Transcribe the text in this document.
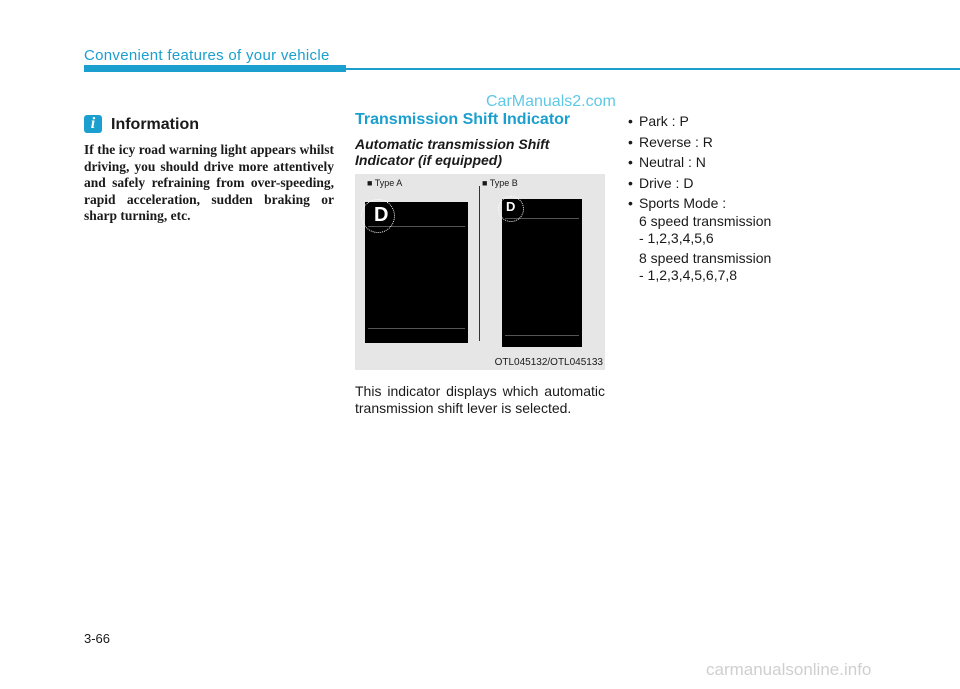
Convenient features of your vehicle
CarManuals2.com
i Information
If the icy road warning light appears whilst driving, you should drive more attentively and safely refraining from over-speeding, rapid acceleration, sudden braking or sharp turning, etc.
Transmission Shift Indicator
Automatic transmission Shift Indicator (if equipped)
■ Type A	■ Type B
D	D
OTL045132/OTL045133
This indicator displays which automatic transmission shift lever is selected.
• Park : P
• Reverse : R
• Neutral : N
• Drive : D
• Sports Mode :
6 speed transmission
- 1,2,3,4,5,6
8 speed transmission
- 1,2,3,4,5,6,7,8
3-66
carmanualsonline.info
